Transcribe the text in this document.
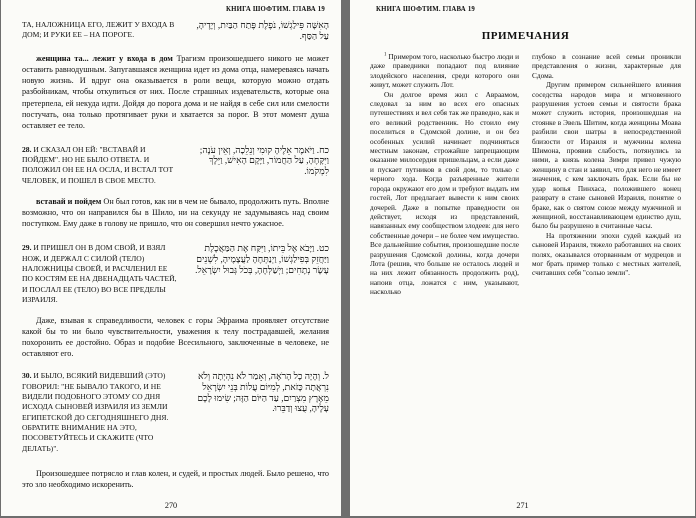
КНИГА ШОФТИМ. ГЛАВА 19
ТА, НАЛОЖНИЦА ЕГО, ЛЕЖИТ У ВХОДА В ДОМ; И РУКИ ЕЕ – НА ПОРОГЕ.
הָאִשָּׁה פִּילַגְשׁוֹ, נֹפֶלֶת פֶּתַח הַבַּיִת, וְיָדֶיהָ, עַל הַסַּף.

женщина та... лежит у входа в дом Трагизм произошедшего никого не может оставить равнодушным. Запугавшаяся женщина идет из дома отца, намереваясь начать новую жизнь. И вдруг она оказывается в роли вещи, которую можно отдать разбойникам, чтобы откупиться от них. После страшных издевательств, которые она претерпела, ей некуда идти. Дойдя до порога дома и не найдя в себе сил или смелости постучать, она только протягивает руки и хватается за порог. В этот момент душа оставляет ее тело.

28. И СКАЗАЛ ОН ЕЙ: "ВСТАВАЙ И ПОЙДЕМ". НО НЕ БЫЛО ОТВЕТА. И ПОЛОЖИЛ ОН ЕЕ НА ОСЛА, И ВСТАЛ ТОТ ЧЕЛОВЕК, И ПОШЕЛ В СВОЕ МЕСТО.
כח. וַיֹּאמֶר אֵלֶיהָ קוּמִי וְנֵלֵכָה, וְאֵין עֹנֶה; וַיִּקָּחֶהָ, עַל הַחֲמוֹר, וַיָּקָם הָאִישׁ, וַיֵּלֶךְ לִמְקֹמוֹ.

вставай и пойдем Он был готов, как ни в чем не бывало, продолжить путь. Вполне возможно, что он направился бы в Шило, ни на секунду не задумываясь над своим поступком. Ему даже в голову не пришло, что он совершил нечто ужасное.

29. И ПРИШЕЛ ОН В ДОМ СВОЙ, И ВЗЯЛ НОЖ, И ДЕРЖАЛ С СИЛОЙ (ТЕЛО) НАЛОЖНИЦЫ СВОЕЙ, И РАСЧЛЕНИЛ ЕЕ ПО КОСТЯМ ЕЕ НА ДВЕНАДЦАТЬ ЧАСТЕЙ, И ПОСЛАЛ ЕЕ (ТЕЛО) ВО ВСЕ ПРЕДЕЛЫ ИЗРАИЛЯ.
כט. וַיָּבֹא אֶל בֵּיתוֹ, וַיִּקַּח אֶת הַמַּאֲכֶלֶת וַיַּחֲזֵק בְּפִילַגְשׁוֹ, וַיְנַתְּחֶהָ לַעֲצָמֶיהָ, לִשְׁנֵים עָשָׂר נְתָחִים; וַיְשַׁלְּחֶהָ, בְּכֹל גְּבוּל יִשְׂרָאֵל.

Даже, взывая к справедливости, человек с горы Эфраима проявляет отсутствие какой бы то ни было чувствительности, уважения к телу пострадавшей, желания похоронить ее достойно. Образ и подобие Всесильного, заключенные в человеке, не оставляют его.

30. И БЫЛО, ВСЯКИЙ ВИДЕВШИЙ (ЭТО) ГОВОРИЛ: "НЕ БЫВАЛО ТАКОГО, И НЕ ВИДЕЛИ ПОДОБНОГО ЭТОМУ СО ДНЯ ИСХОДА СЫНОВЕЙ ИЗРАИЛЯ ИЗ ЗЕМЛИ ЕГИПЕТСКОЙ ДО СЕГОДНЯШНЕГО ДНЯ. ОБРАТИТЕ ВНИМАНИЕ НА ЭТО, ПОСОВЕТУЙТЕСЬ И СКАЖИТЕ (ЧТО ДЕЛАТЬ)".
ל. וְהָיָה כָל הָרֹאֶה, וְאָמַר לֹא נִהְיְתָה וְלֹא נִרְאֲתָה כָּזֹאת, לְמִיּוֹם עֲלוֹת בְּנֵי יִשְׂרָאֵל מֵאֶרֶץ מִצְרַיִם, עַד הַיּוֹם הַזֶּה; שִׂימוּ לָכֶם עָלֶיהָ, עֻצוּ וְדַבֵּרוּ.

Произошедшее потрясло и глав колен, и судей, и простых людей. Было решено, что это зло необходимо искоренить.

270
КНИГА ШОФТИМ. ГЛАВА 19
ПРИМЕЧАНИЯ

$^1$ Примером того, насколько быстро люди и даже праведники попадают под влияние злодейского населения, среди которого они живут, может служить Лот.

Он долгое время жил с Авраамом, следовал за ним во всех его опасных путешествиях и вел себя так же праведно, как и его великий родственник. Но стоило ему поселиться в Сдомской долине, и он без особенных усилий начинает подчиняться местным законам, строжайше запрещающим оказание милосердия пришельцам, а если даже и пускает путников в свой дом, то только с черного хода. Когда разъяренные жители города окружают его дом и требуют выдать им гостей, Лот предлагает вывести к ним своих дочерей. Даже в попытке праведности он действует, исходя из представлений, навязанных ему сообществом злодеев: для него собственные дочери – не более чем имущество. Все дальнейшие события, произошедшие после разрушения Сдомской долины, когда дочери Лота (решив, что больше не осталось людей и на них лежит обязанность продолжить род), напоив отца, ложатся с ним, указывают, насколько

глубоко в сознание всей семьи проникли представления о жизни, характерные для Сдома.

Другим примером сильнейшего влияния соседства народов мира и мгновенного разрушения устоев семьи и святости брака может служить история, произошедшая на стоянке в Эвель Шитим, когда женщины Моава разбили свои шатры в непосредственной близости от Израиля и мужчины колена Шимона, проявив слабость, потянулись за ними, а князь колена Зимри привел чужую женщину в стан и заявил, что для него не имеет значения, с кем заключать брак. Если бы не удар копья Пинхаса, положившего конец разврату в стане сыновей Израиля, понятие о браке, как о святом союзе между мужчиной и женщиной, восстанавливающем единство душ, было бы разрушено в считанные часы.

На протяжении эпохи судей каждый из сыновей Израиля, тяжело работавших на своих полях, оказывался оторванным от мудрецов и мог брать пример только с местных жителей, считавших себя "солью земли".

271
